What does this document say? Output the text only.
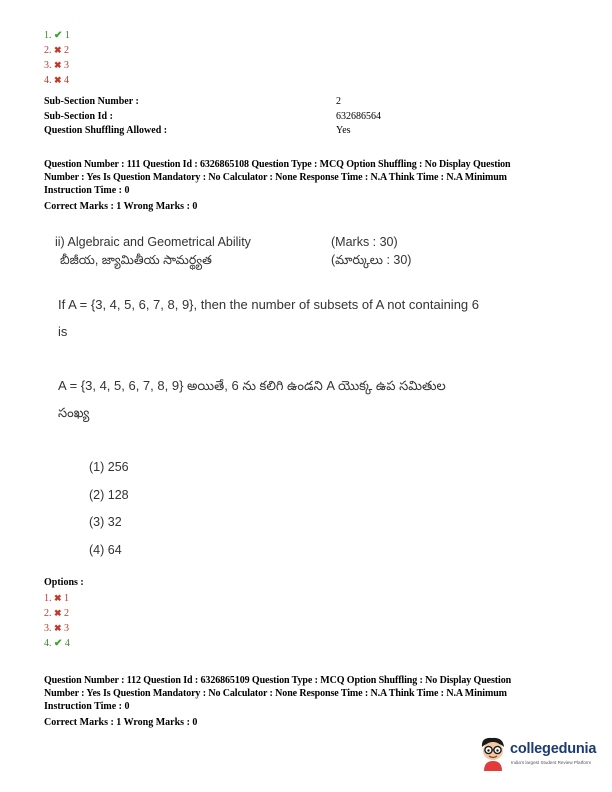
1. ✔ 1
2. ✖ 2
3. ✖ 3
4. ✖ 4
Sub-Section Number :	2
Sub-Section Id :	632686564
Question Shuffling Allowed :	Yes
Question Number : 111 Question Id : 6326865108 Question Type : MCQ Option Shuffling : No Display Question
Number : Yes Is Question Mandatory : No Calculator : None Response Time : N.A Think Time : N.A Minimum
Instruction Time : 0
Correct Marks : 1 Wrong Marks : 0
ii) Algebraic and Geometrical Ability	(Marks : 30)
బీజీయ, జ్యామితీయ సామర్థ్యత	(మార్కులు : 30)
If A = {3, 4, 5, 6, 7, 8, 9}, then the number of subsets of A not containing 6
is
A = {3, 4, 5, 6, 7, 8, 9} అయితే, 6 ను కలిగి ఉండని A యొక్క ఉప సమితుల
సంఖ్య
(1) 256
(2) 128
(3) 32
(4) 64
Options :
1. ✖ 1
2. ✖ 2
3. ✖ 3
4. ✔ 4
Question Number : 112 Question Id : 6326865109 Question Type : MCQ Option Shuffling : No Display Question
Number : Yes Is Question Mandatory : No Calculator : None Response Time : N.A Think Time : N.A Minimum
Instruction Time : 0
Correct Marks : 1 Wrong Marks : 0
collegedunia
India's largest Student Review Platform
